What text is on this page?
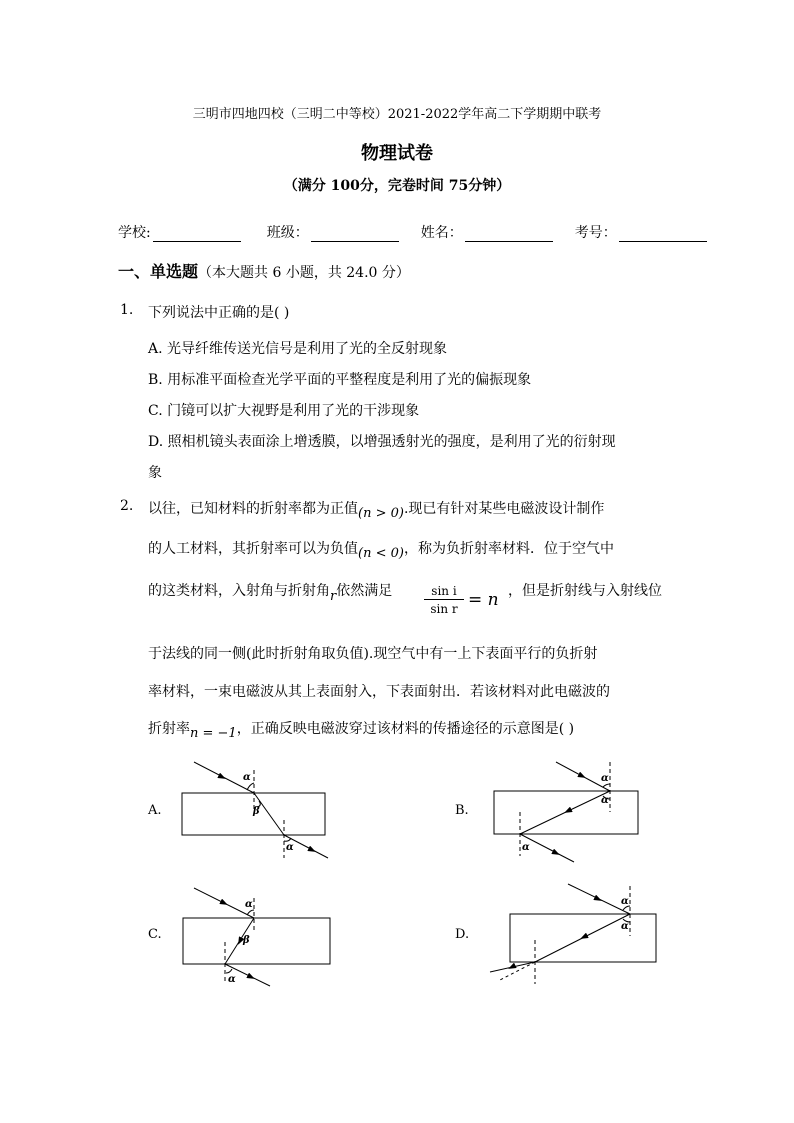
三明市四地四校（三明二中等校）2021-2022学年高二下学期期中联考
物理试卷
（满分 100分，完卷时间 75分钟）
学校:	班级：	姓名：	考号：
一、单选题（本大题共 6 小题，共 24.0 分）
1. 下列说法中正确的是( )
A. 光导纤维传送光信号是利用了光的全反射现象
B. 用标准平面检查光学平面的平整程度是利用了光的偏振现象
C. 门镜可以扩大视野是利用了光的干涉现象
D. 照相机镜头表面涂上增透膜，以增强透射光的强度，是利用了光的衍射现
象
2. 以往，已知材料的折射率都为正值(n > 0).现已有针对某些电磁波设计制作
的人工材料，其折射率可以为负值(n < 0)，称为负折射率材料．位于空气中
的这类材料，入射角与折射角r依然满足	$\frac{\text{sin i}}{\text{sin r}} = n$ ，但是折射线与入射线位
于法线的同一侧(此时折射角取负值).现空气中有一上下表面平行的负折射
率材料，一束电磁波从其上表面射入，下表面射出．若该材料对此电磁波的
折射率n = −1，正确反映电磁波穿过该材料的传播途径的示意图是( )
A.	B.
C.	D.
α
β
α
α
α
α
α
β
α
α
α
